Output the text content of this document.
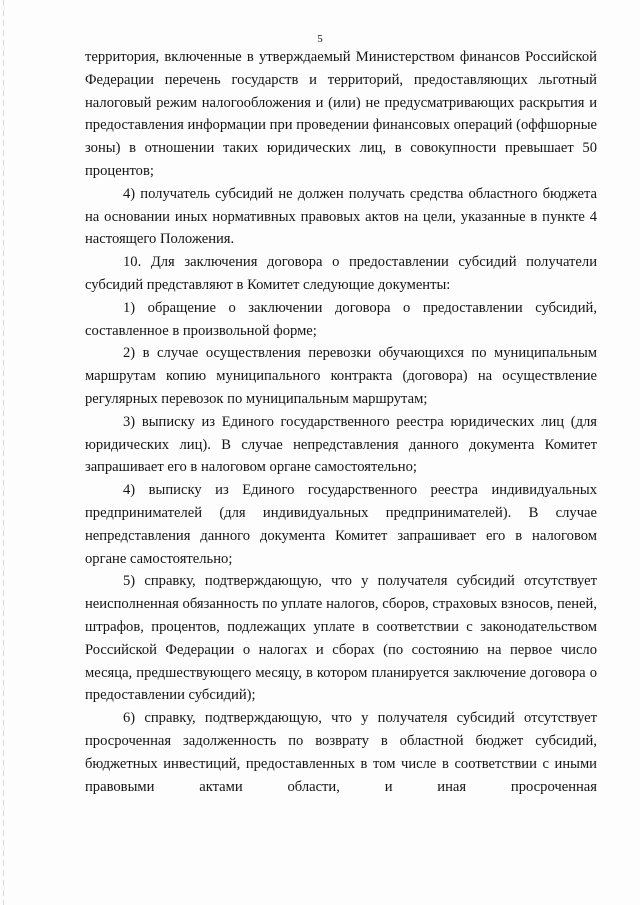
5

территория, включенные в утверждаемый Министерством финансов Российской Федерации перечень государств и территорий, предоставляющих льготный налоговый режим налогообложения и (или) не предусматривающих раскрытия и предоставления информации при проведении финансовых операций (оффшорные зоны) в отношении таких юридических лиц, в совокупности превышает 50 процентов;

4) получатель субсидий не должен получать средства областного бюджета на основании иных нормативных правовых актов на цели, указанные в пункте 4 настоящего Положения.

10. Для заключения договора о предоставлении субсидий получатели субсидий представляют в Комитет следующие документы:

1) обращение о заключении договора о предоставлении субсидий, составленное в произвольной форме;

2) в случае осуществления перевозки обучающихся по муниципальным маршрутам копию муниципального контракта (договора) на осуществление регулярных перевозок по муниципальным маршрутам;

3) выписку из Единого государственного реестра юридических лиц (для юридических лиц). В случае непредставления данного документа Комитет запрашивает его в налоговом органе самостоятельно;

4) выписку из Единого государственного реестра индивидуальных предпринимателей (для индивидуальных предпринимателей). В случае непредставления данного документа Комитет запрашивает его в налоговом органе самостоятельно;

5) справку, подтверждающую, что у получателя субсидий отсутствует неисполненная обязанность по уплате налогов, сборов, страховых взносов, пеней, штрафов, процентов, подлежащих уплате в соответствии с законодательством Российской Федерации о налогах и сборах (по состоянию на первое число месяца, предшествующего месяцу, в котором планируется заключение договора о предоставлении субсидий);

6) справку, подтверждающую, что у получателя субсидий отсутствует просроченная задолженность по возврату в областной бюджет субсидий, бюджетных инвестиций, предоставленных в том числе в соответствии с иными правовыми актами области, и иная просроченная
